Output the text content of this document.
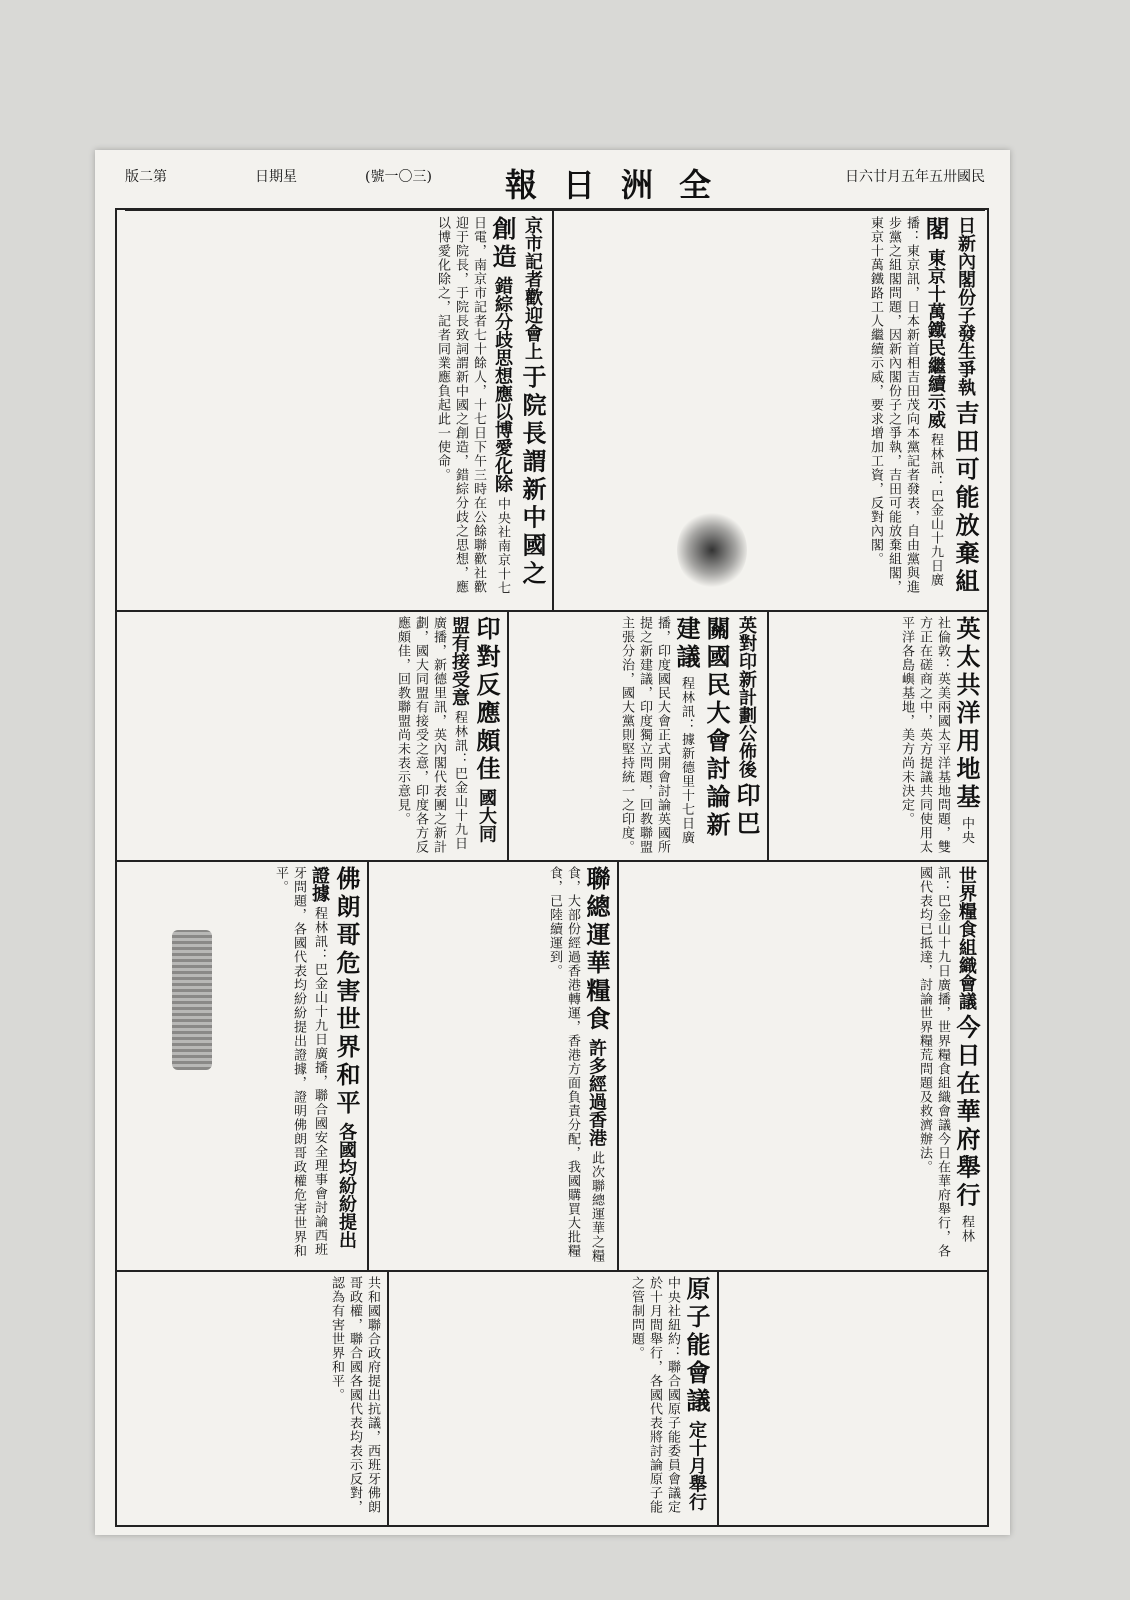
版二第	日期星	(號一〇三) 報日洲全	日六廿月五年五卅國民
日新內閣份子發生爭執 吉田可能放棄組閣 東京十萬鐵民繼續示威 程林訊：巴金山十九日廣播：東京訊，日本新首相吉田茂向本黨記者發表，自由黨與進步黨之組閣問題，因新內閣份子之爭執，吉田可能放棄組閣，東京十萬鐵路工人繼續示威，要求增加工資，反對內閣。
京市記者歡迎會上 于院長謂新中國之創造 錯綜分歧思想應以博愛化除 中央社南京十七日電，南京市記者七十餘人，十七日下午三時在公餘聯歡社歡迎于院長，于院長致詞謂新中國之創造，錯綜分歧之思想，應以博愛化除之，記者同業應負起此一使命。
英對印新計劃公佈後 印巴關國民大會討論新建議 程林訊：據新德里十七日廣播，印度國民大會正式開會討論英國所提之新建議，印度獨立問題，回教聯盟主張分治，國大黨則堅持統一之印度。	英太共洋用地基 中央社倫敦：英美兩國太平洋基地問題，雙方正在磋商之中，英方提議共同使用太平洋各島嶼基地，美方尚未決定。
印對反應頗佳 國大同盟有接受意 程林訊：巴金山十九日廣播，新德里訊，英內閣代表團之新計劃，國大同盟有接受之意，印度各方反應頗佳，回教聯盟尚未表示意見。
世界糧食組織會議 今日在華府舉行 程林訊：巴金山十九日廣播，世界糧食組織會議今日在華府舉行，各國代表均已抵達，討論世界糧荒問題及救濟辦法。
聯總運華糧食 許多經過香港 此次聯總運華之糧食，大部份經過香港轉運，香港方面負責分配，我國購買大批糧食，已陸續運到。
佛朗哥危害世界和平 各國均紛紛提出證據 程林訊：巴金山十九日廣播，聯合國安全理事會討論西班牙問題，各國代表均紛紛提出證據，證明佛朗哥政權危害世界和平。
原子能會議 定十月舉行 中央社紐約：聯合國原子能委員會議定於十月間舉行，各國代表將討論原子能之管制問題。
共和國聯合政府提出抗議，西班牙佛朗哥政權，聯合國各國代表均表示反對，認為有害世界和平。
